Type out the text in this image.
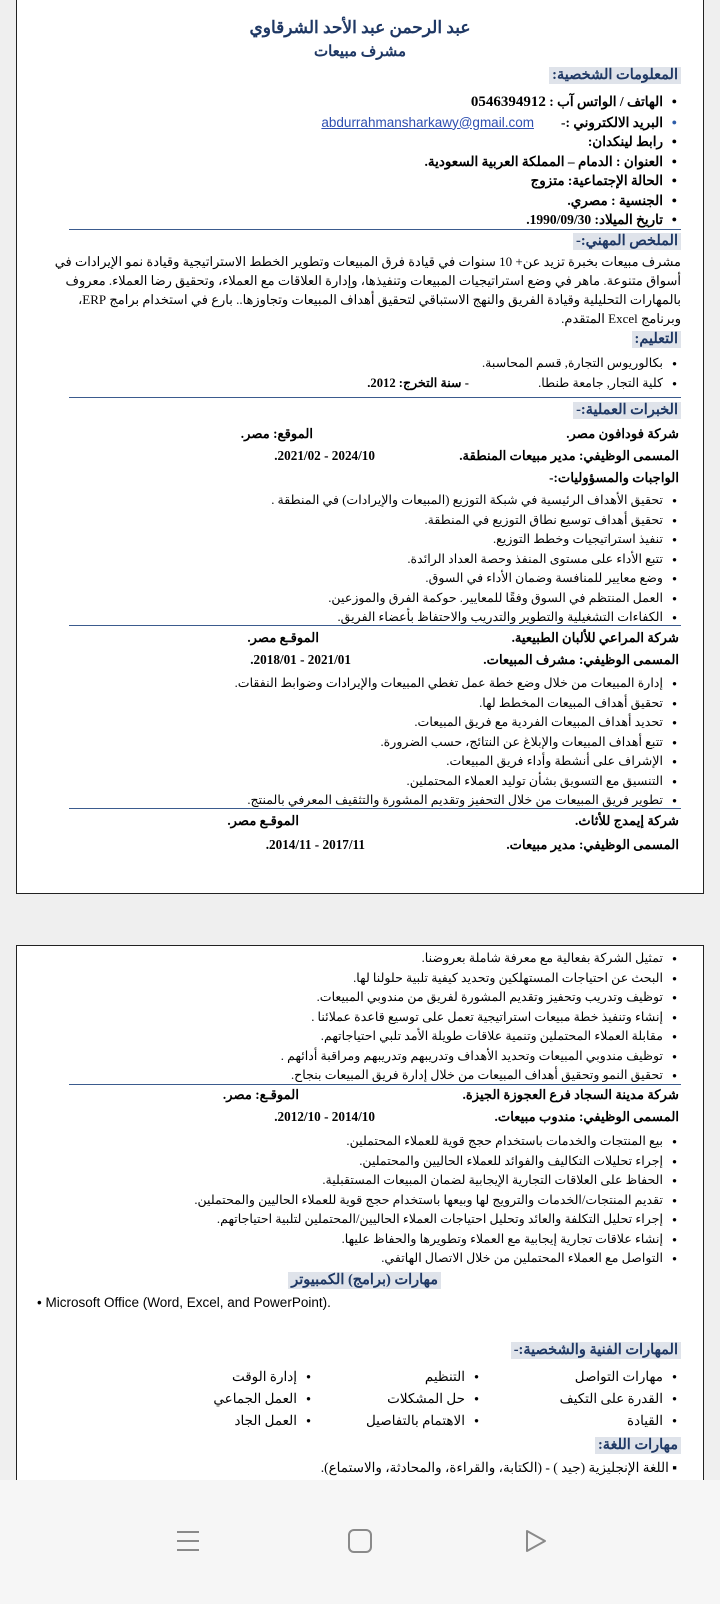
عبد الرحمن عبد الأحد الشرقاوي
مشرف مبيعات
المعلومات الشخصية:
● الهاتف / الواتس آب : 0546394912
● البريد الالكتروني :-        abdurrahmansharkawy@gmail.com
● رابط لينكدان:
● العنوان : الدمام – المملكة العربية السعودية.
● الحالة الإجتماعية: متزوج
● الجنسية : مصري.
● تاريخ الميلاد: 1990/09/30.
الملخص المهني:-
مشرف مبيعات بخبرة تزيد عن+ 10 سنوات في قيادة فرق المبيعات وتطوير الخطط الاستراتيجية وقيادة نمو الإيرادات في
أسواق متنوعة. ماهر في وضع استراتيجيات المبيعات وتنفيذها، وإدارة العلاقات مع العملاء، وتحقيق رضا العملاء. معروف
بالمهارات التحليلية وقيادة الفريق والنهج الاستباقي لتحقيق أهداف المبيعات وتجاوزها.. بارع في استخدام برامج ERP،
وبرنامج Excel المتقدم.
التعليم:
● بكالوريوس التجارة, قسم المحاسبة.
● كلية التجار, جامعة طنطا.                      - سنة التخرج: 2012.
الخبرات العملية:-
شركة فودافون مصر.
الموقع: مصر.
المسمى الوظيفي: مدير مبيعات المنطقة.
2024/10 - 2021/02.
الواجبات والمسؤوليات:-
● تحقيق الأهداف الرئيسية في شبكة التوزيع (المبيعات والإيرادات) في المنطقة .
● تحقيق أهداف توسيع نطاق التوزيع في المنطقة.
● تنفيذ استراتيجيات وخطط التوزيع.
● تتبع الأداء على مستوى المنفذ وحصة العداد الرائدة.
● وضع معايير للمنافسة وضمان الأداء في السوق.
● العمل المنتظم في السوق وفقًا للمعايير. حوكمة الفرق والموزعين.
● الكفاءات التشغيلية والتطوير والتدريب والاحتفاظ بأعضاء الفريق.
شركة المراعي للألبان الطبيعية.
الموقـع مصر.
المسمى الوظيفي: مشرف المبيعات.
2021/01 - 2018/01.
● إدارة المبيعات من خلال وضع خطة عمل تغطي المبيعات والإيرادات وضوابط النفقات.
● تحقيق أهداف المبيعات المخطط لها.
● تحديد أهداف المبيعات الفردية مع فريق المبيعات.
● تتبع أهداف المبيعات والإبلاغ عن النتائج، حسب الضرورة.
● الإشراف على أنشطة وأداء فريق المبيعات.
● التنسيق مع التسويق بشأن توليد العملاء المحتملين.
● تطوير فريق المبيعات من خلال التحفيز وتقديم المشورة والتثقيف المعرفي بالمنتج.
شركة إيمدج للأثاث.
الموقـع مصر.
المسمى الوظيفي: مدير مبيعات.
2017/11 - 2014/11.
● تمثيل الشركة بفعالية مع معرفة شاملة بعروضنا.
● البحث عن احتياجات المستهلكين وتحديد كيفية تلبية حلولنا لها.
● توظيف وتدريب وتحفيز وتقديم المشورة لفريق من مندوبي المبيعات.
● إنشاء وتنفيذ خطة مبيعات استراتيجية تعمل على توسيع قاعدة عملائنا .
● مقابلة العملاء المحتملين وتنمية علاقات طويلة الأمد تلبي احتياجاتهم.
● توظيف مندوبي المبيعات وتحديد الأهداف وتدريبهم وتدريبهم ومراقبة أدائهم .
● تحقيق النمو وتحقيق أهداف المبيعات من خلال إدارة فريق المبيعات بنجاح.
شركة مدينة السجاد فرع العجوزة الجيزة.
الموقـع: مصر.
المسمى الوظيفي: مندوب مبيعات.
2014/10 - 2012/10.
● بيع المنتجات والخدمات باستخدام حجج قوية للعملاء المحتملين.
● إجراء تحليلات التكاليف والفوائد للعملاء الحاليين والمحتملين.
● الحفاظ على العلاقات التجارية الإيجابية لضمان المبيعات المستقبلية.
● تقديم المنتجات/الخدمات والترويج لها وبيعها باستخدام حجج قوية للعملاء الحاليين والمحتملين.
● إجراء تحليل التكلفة والعائد وتحليل احتياجات العملاء الحاليين/المحتملين لتلبية احتياجاتهم.
● إنشاء علاقات تجارية إيجابية مع العملاء وتطويرها والحفاظ عليها.
● التواصل مع العملاء المحتملين من خلال الاتصال الهاتفي.
مهارات (برامج) الكمبيوتر
• Microsoft Office (Word, Excel, and PowerPoint).
المهارات الفنية والشخصية:-
● مهارات التواصل
● القدرة على التكيف
● القيادة
● التنظيم
● حل المشكلات
● الاهتمام بالتفاصيل
● إدارة الوقت
● العمل الجماعي
● العمل الجاد
مهارات اللغة:
▪ اللغة الإنجليزية (جيد ) - (الكتابة، والقراءة، والمحادثة، والاستماع).
